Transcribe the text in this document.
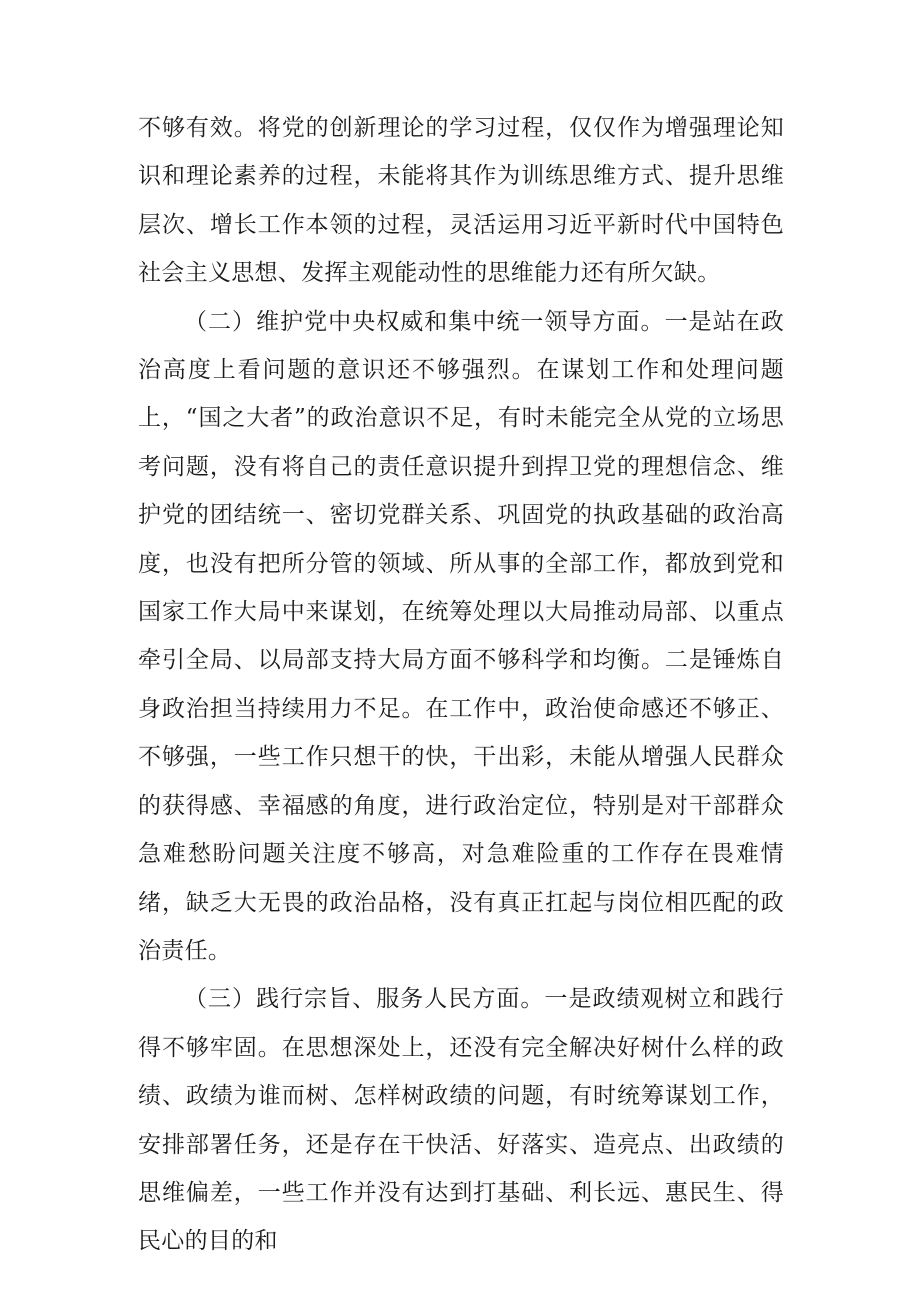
不够有效。将党的创新理论的学习过程，仅仅作为增强理论知识和理论素养的过程，未能将其作为训练思维方式、提升思维层次、增长工作本领的过程，灵活运用习近平新时代中国特色社会主义思想、发挥主观能动性的思维能力还有所欠缺。

（二）维护党中央权威和集中统一领导方面。一是站在政治高度上看问题的意识还不够强烈。在谋划工作和处理问题上，“国之大者”的政治意识不足，有时未能完全从党的立场思考问题，没有将自己的责任意识提升到捍卫党的理想信念、维护党的团结统一、密切党群关系、巩固党的执政基础的政治高度，也没有把所分管的领域、所从事的全部工作，都放到党和国家工作大局中来谋划，在统筹处理以大局推动局部、以重点牵引全局、以局部支持大局方面不够科学和均衡。二是锤炼自身政治担当持续用力不足。在工作中，政治使命感还不够正、不够强，一些工作只想干的快，干出彩，未能从增强人民群众的获得感、幸福感的角度，进行政治定位，特别是对干部群众急难愁盼问题关注度不够高，对急难险重的工作存在畏难情绪，缺乏大无畏的政治品格，没有真正扛起与岗位相匹配的政治责任。

（三）践行宗旨、服务人民方面。一是政绩观树立和践行得不够牢固。在思想深处上，还没有完全解决好树什么样的政绩、政绩为谁而树、怎样树政绩的问题，有时统筹谋划工作，安排部署任务，还是存在干快活、好落实、造亮点、出政绩的思维偏差，一些工作并没有达到打基础、利长远、惠民生、得民心的目的和
